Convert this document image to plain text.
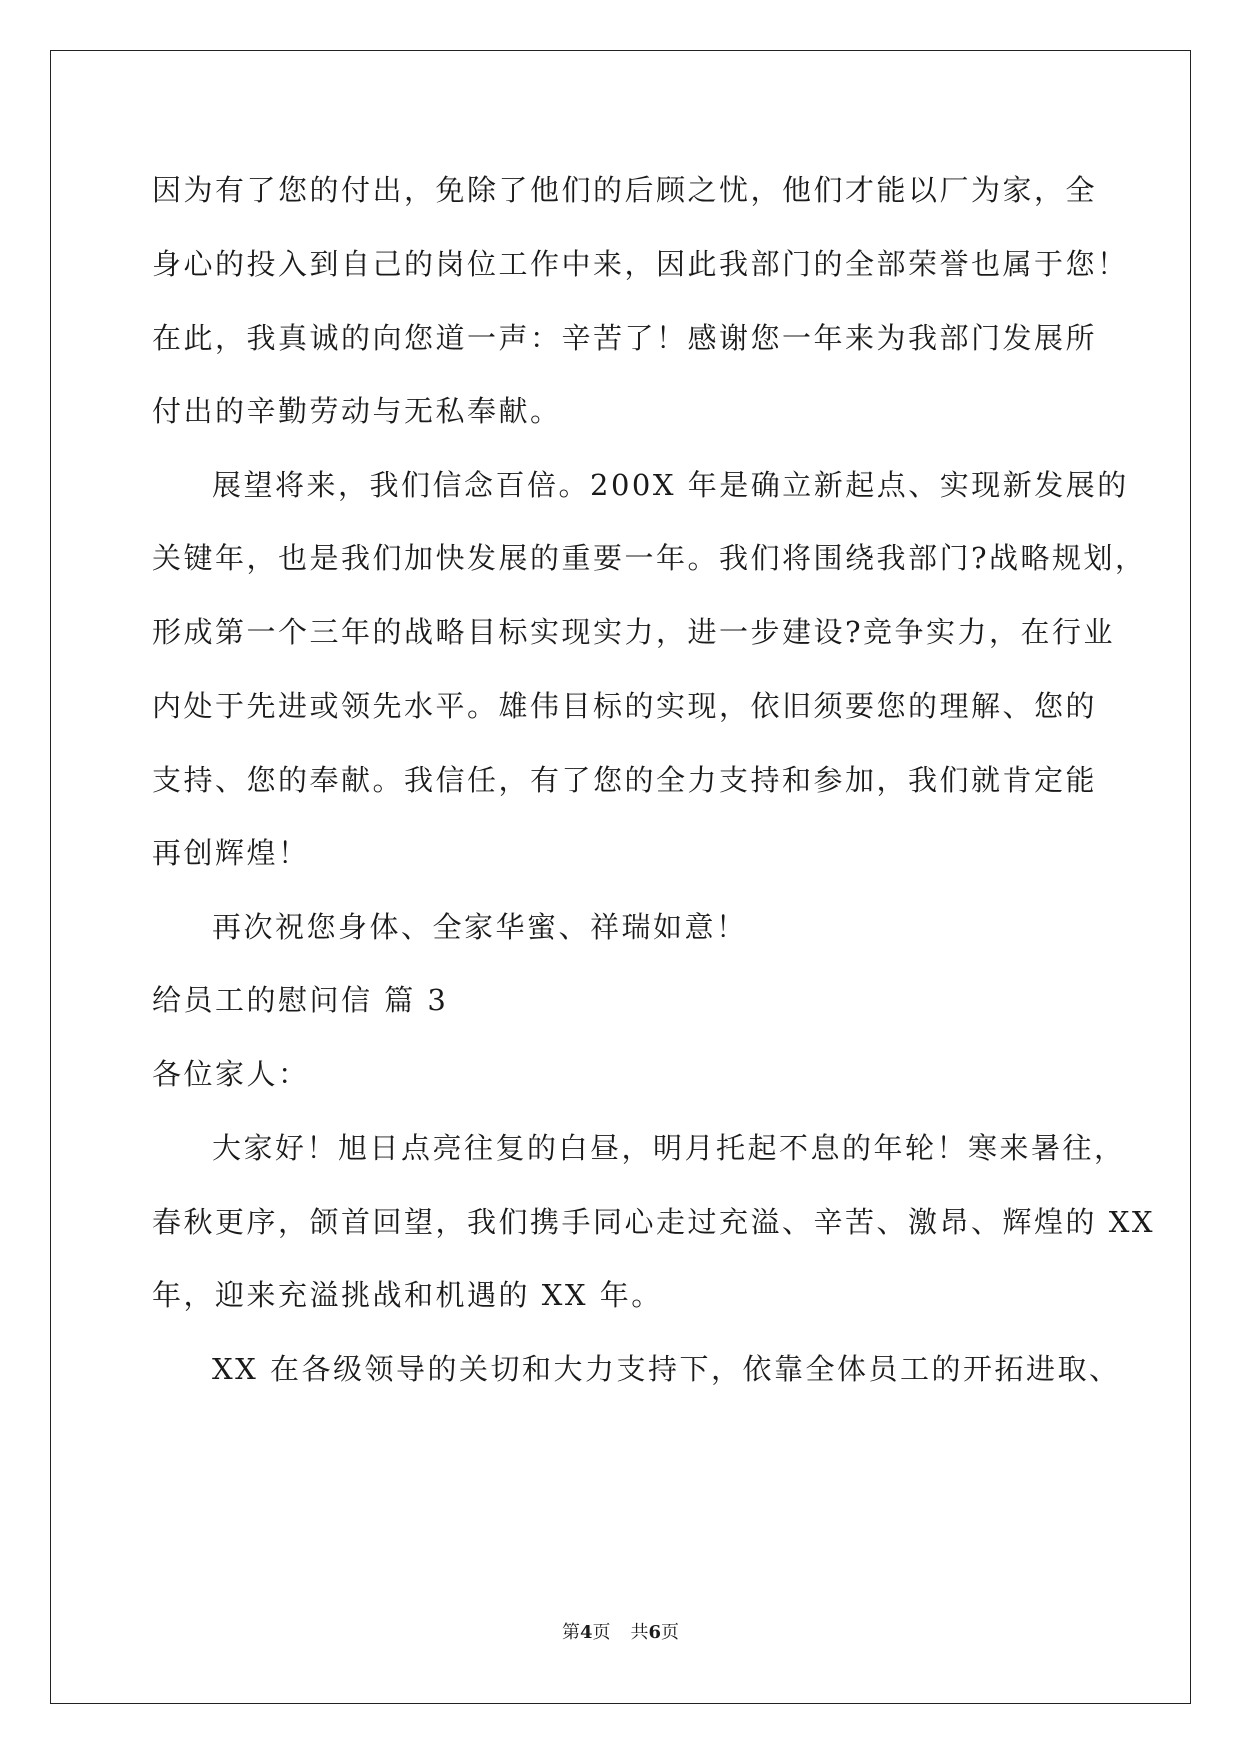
因为有了您的付出，免除了他们的后顾之忧，他们才能以厂为家，全
身心的投入到自己的岗位工作中来，因此我部门的全部荣誉也属于您！
在此，我真诚的向您道一声：辛苦了！感谢您一年来为我部门发展所
付出的辛勤劳动与无私奉献。
展望将来，我们信念百倍。200X 年是确立新起点、实现新发展的
关键年，也是我们加快发展的重要一年。我们将围绕我部门?战略规划，
形成第一个三年的战略目标实现实力，进一步建设?竞争实力，在行业
内处于先进或领先水平。雄伟目标的实现，依旧须要您的理解、您的
支持、您的奉献。我信任，有了您的全力支持和参加，我们就肯定能
再创辉煌！
再次祝您身体、全家华蜜、祥瑞如意！
给员工的慰问信 篇 3
各位家人：
大家好！旭日点亮往复的白昼，明月托起不息的年轮！寒来暑往，
春秋更序，颌首回望，我们携手同心走过充溢、辛苦、激昂、辉煌的 XX
年，迎来充溢挑战和机遇的 XX 年。
XX 在各级领导的关切和大力支持下，依靠全体员工的开拓进取、
第4页 共6页
